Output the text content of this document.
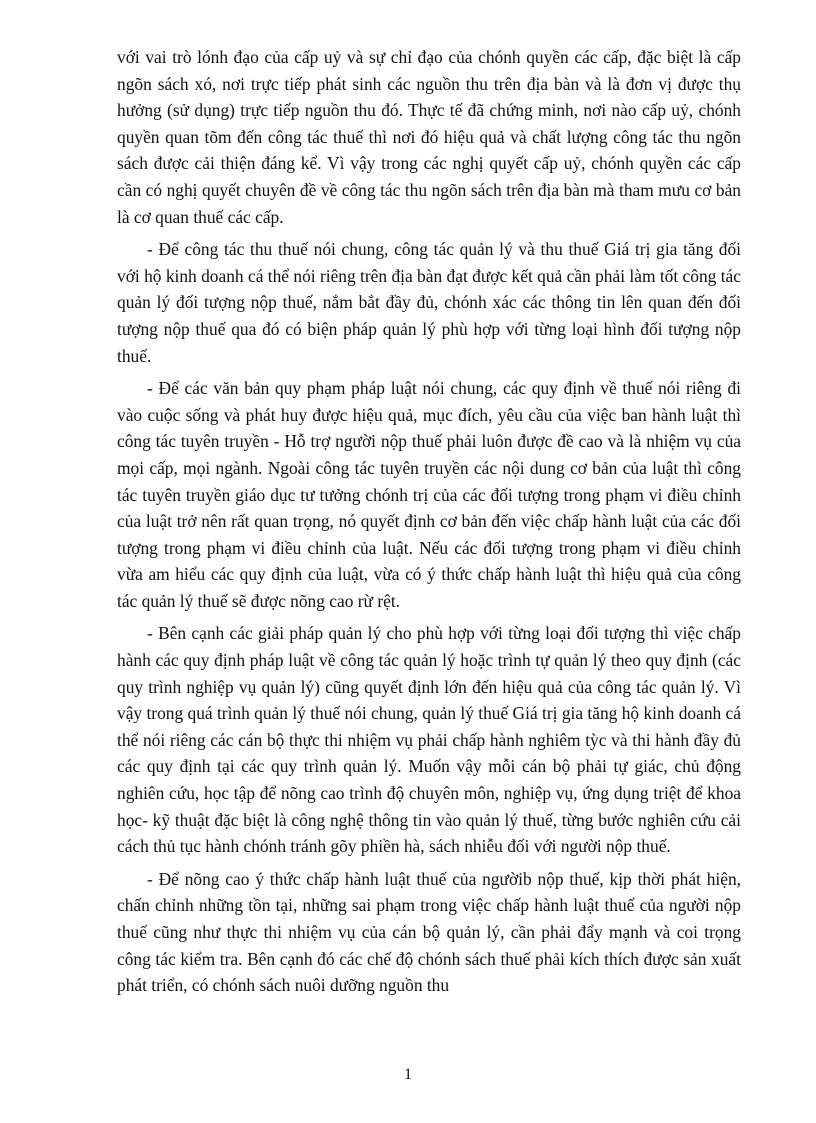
với vai trò lónh đạo của cấp uỷ và sự chỉ đạo của chónh quyền các cấp, đặc biệt là cấp ngõn sách xó, nơi trực tiếp phát sinh các nguồn thu trên địa bàn và là đơn vị được thụ hưởng (sử dụng) trực tiếp nguồn thu đó. Thực tế đã chứng minh, nơi nào cấp uỷ, chónh quyền quan tõm đến công tác thuế thì nơi đó hiệu quả và chất lượng công tác thu ngõn sách được cải thiện đáng kể. Vì vậy trong các nghị quyết cấp uỷ, chónh quyền các cấp cần có nghị quyết chuyên đề về công tác thu ngõn sách trên địa bàn mà tham mưu cơ bản là cơ quan thuế các cấp.

- Để công tác thu thuế nói chung, công tác quản lý và thu thuế Giá trị gia tăng đối với hộ kinh doanh cá thể nói riêng trên địa bàn đạt được kết quả cần phải làm tốt công tác quản lý đối tượng nộp thuế, nắm bắt đầy đủ, chónh xác các thông tin lên quan đến đối tượng nộp thuế qua đó có biện pháp quản lý phù hợp với từng loại hình đối tượng nộp thuế.

- Để các văn bản quy phạm pháp luật nói chung, các quy định về thuế nói riêng đi vào cuộc sống và phát huy được hiệu quả, mục đích, yêu cầu của việc ban hành luật thì công tác tuyên truyền - Hỗ trợ người nộp thuế phải luôn được đề cao và là nhiệm vụ của mọi cấp, mọi ngành. Ngoài công tác tuyên truyền các nội dung cơ bản của luật thì công tác tuyên truyền giáo dục tư tưởng chónh trị của các đối tượng trong phạm vi điều chỉnh của luật trở nên rất quan trọng, nó quyết định cơ bản đến việc chấp hành luật của các đối tượng trong phạm vi điều chỉnh của luật. Nếu các đối tượng trong phạm vi điều chỉnh vừa am hiểu các quy định của luật, vừa có ý thức chấp hành luật thì hiệu quả của công tác quản lý thuế sẽ được nõng cao rừ rệt.

- Bên cạnh các giải pháp quản lý cho phù hợp với từng loại đối tượng thì việc chấp hành các quy định pháp luật về công tác quản lý hoặc trình tự quản lý theo quy định (các quy trình nghiệp vụ quản lý) cũng quyết định lớn đến hiệu quả của công tác quản lý. Vì vậy trong quá trình quản lý thuế nói chung, quản lý thuế Giá trị gia tăng hộ kinh doanh cá thể nói riêng các cán bộ thực thi nhiệm vụ phải chấp hành nghiêm tỳc và thi hành đầy đủ các quy định tại các quy trình quản lý. Muốn vậy mỗi cán bộ phải tự giác, chủ động nghiên cứu, học tập để nõng cao trình độ chuyên môn, nghiệp vụ, ứng dụng triệt để khoa học- kỹ thuật đặc biệt là công nghệ thông tin vào quản lý thuế, từng bước nghiên cứu cải cách thủ tục hành chónh tránh gõy phiền hà, sách nhiễu đối với người nộp thuế.

- Để nõng cao ý thức chấp hành luật thuế của ngườib nộp thuế, kịp thời phát hiện, chấn chỉnh những tồn tại, những sai phạm trong việc chấp hành luật thuế của người nộp thuế cũng như thực thi nhiệm vụ của cán bộ quản lý, cần phải đẩy mạnh và coi trọng công tác kiểm tra. Bên cạnh đó các chế độ chónh sách thuế phải kích thích được sản xuất phát triển, có chónh sách nuôi dưỡng nguồn thu

1
